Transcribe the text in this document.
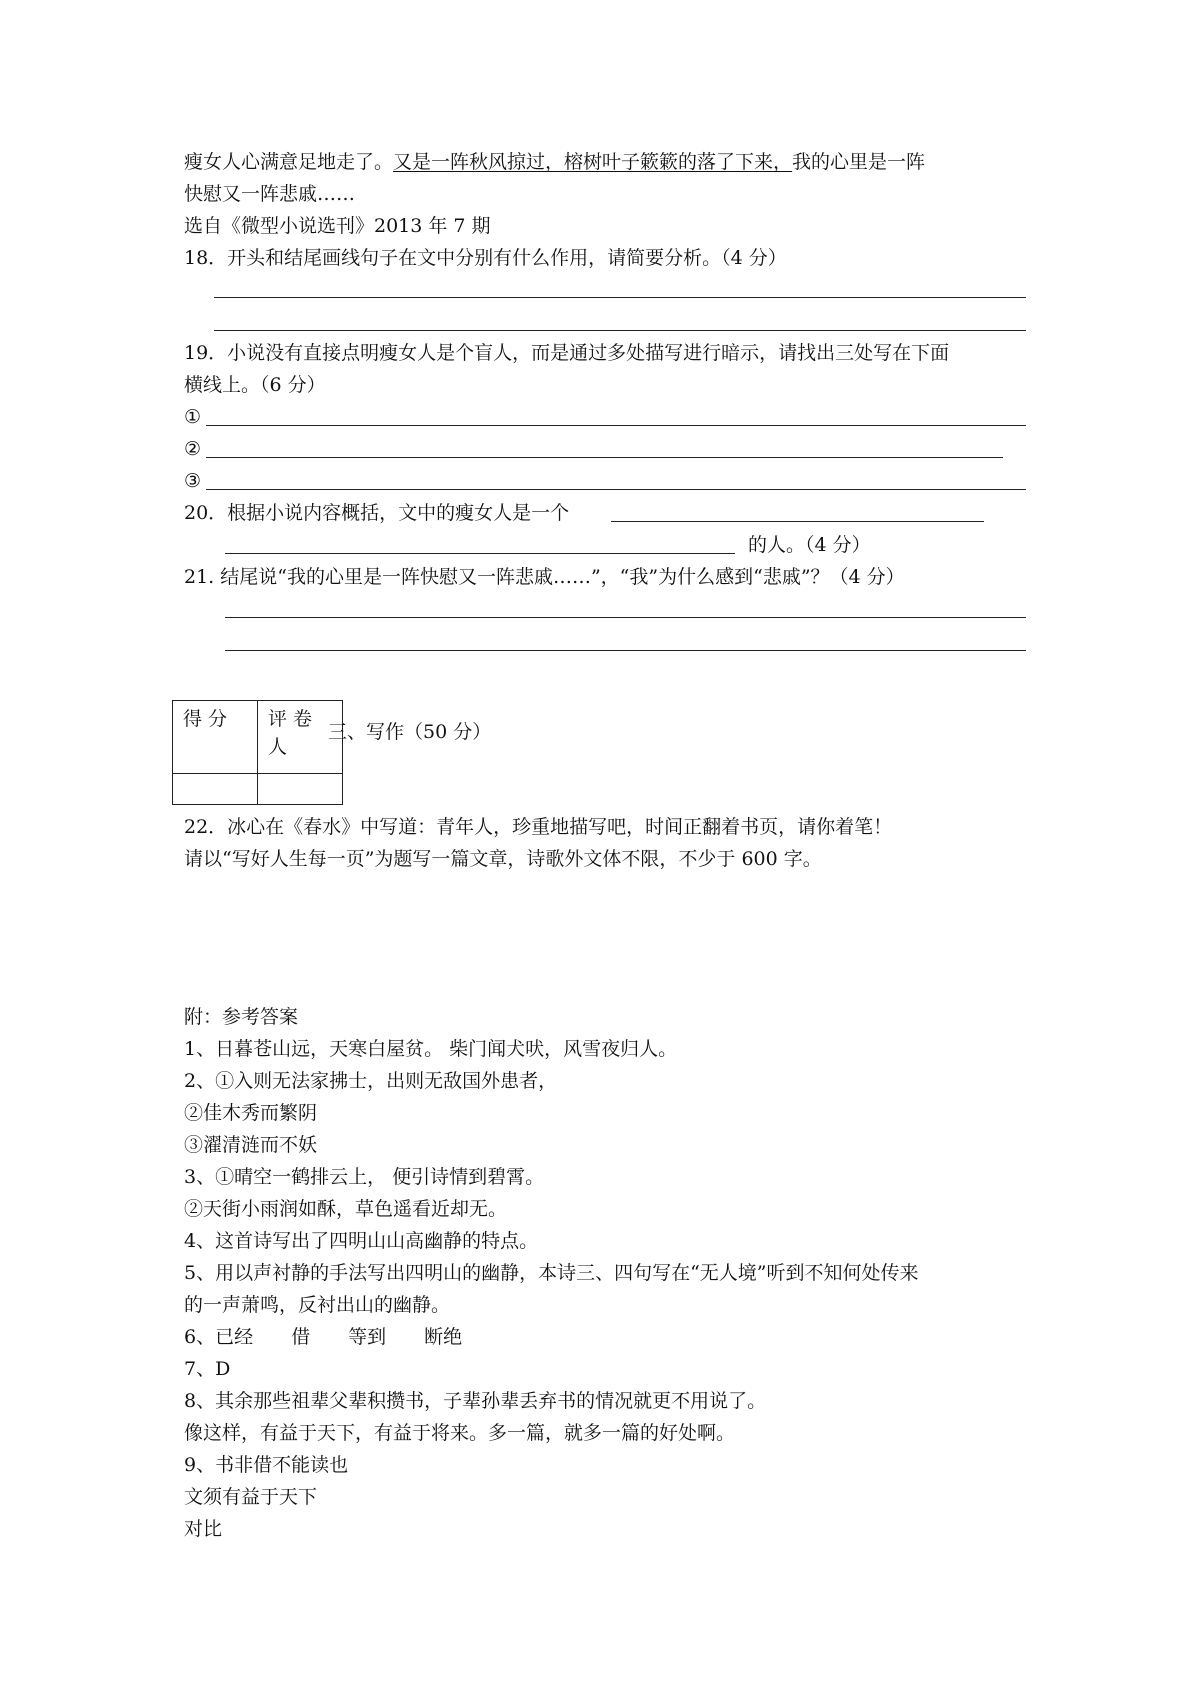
瘦女人心满意足地走了。又是一阵秋风掠过，榕树叶子簌簌的落了下来，我的心里是一阵
快慰又一阵悲戚……
选自《微型小说选刊》2013 年 7 期
18．开头和结尾画线句子在文中分别有什么作用，请简要分析。（4 分）
19．小说没有直接点明瘦女人是个盲人，而是通过多处描写进行暗示，请找出三处写在下面
横线上。（6 分）
①
②
③
20．根据小说内容概括，文中的瘦女人是一个
的人。（4 分）
21. 结尾说“我的心里是一阵快慰又一阵悲戚……”，“我”为什么感到“悲戚”？（4 分）
得 分	评 卷 人

三、写作（50 分）
22．冰心在《春水》中写道：青年人，珍重地描写吧，时间正翻着书页，请你着笔！
请以“写好人生每一页”为题写一篇文章，诗歌外文体不限，不少于 600 字。
附：参考答案
1、日暮苍山远，天寒白屋贫。 柴门闻犬吠，风雪夜归人。
2、①入则无法家拂士，出则无敌国外患者，
②佳木秀而繁阴
③濯清涟而不妖
3、①晴空一鹤排云上， 便引诗情到碧霄。
②天街小雨润如酥，草色遥看近却无。
4、这首诗写出了四明山山高幽静的特点。
5、用以声衬静的手法写出四明山的幽静，本诗三、四句写在“无人境”听到不知何处传来
的一声萧鸣，反衬出山的幽静。
6、已经　　借　　等到　　断绝
7、D
8、其余那些祖辈父辈积攒书，子辈孙辈丢弃书的情况就更不用说了。
像这样，有益于天下，有益于将来。多一篇，就多一篇的好处啊。
9、书非借不能读也
文须有益于天下
对比
